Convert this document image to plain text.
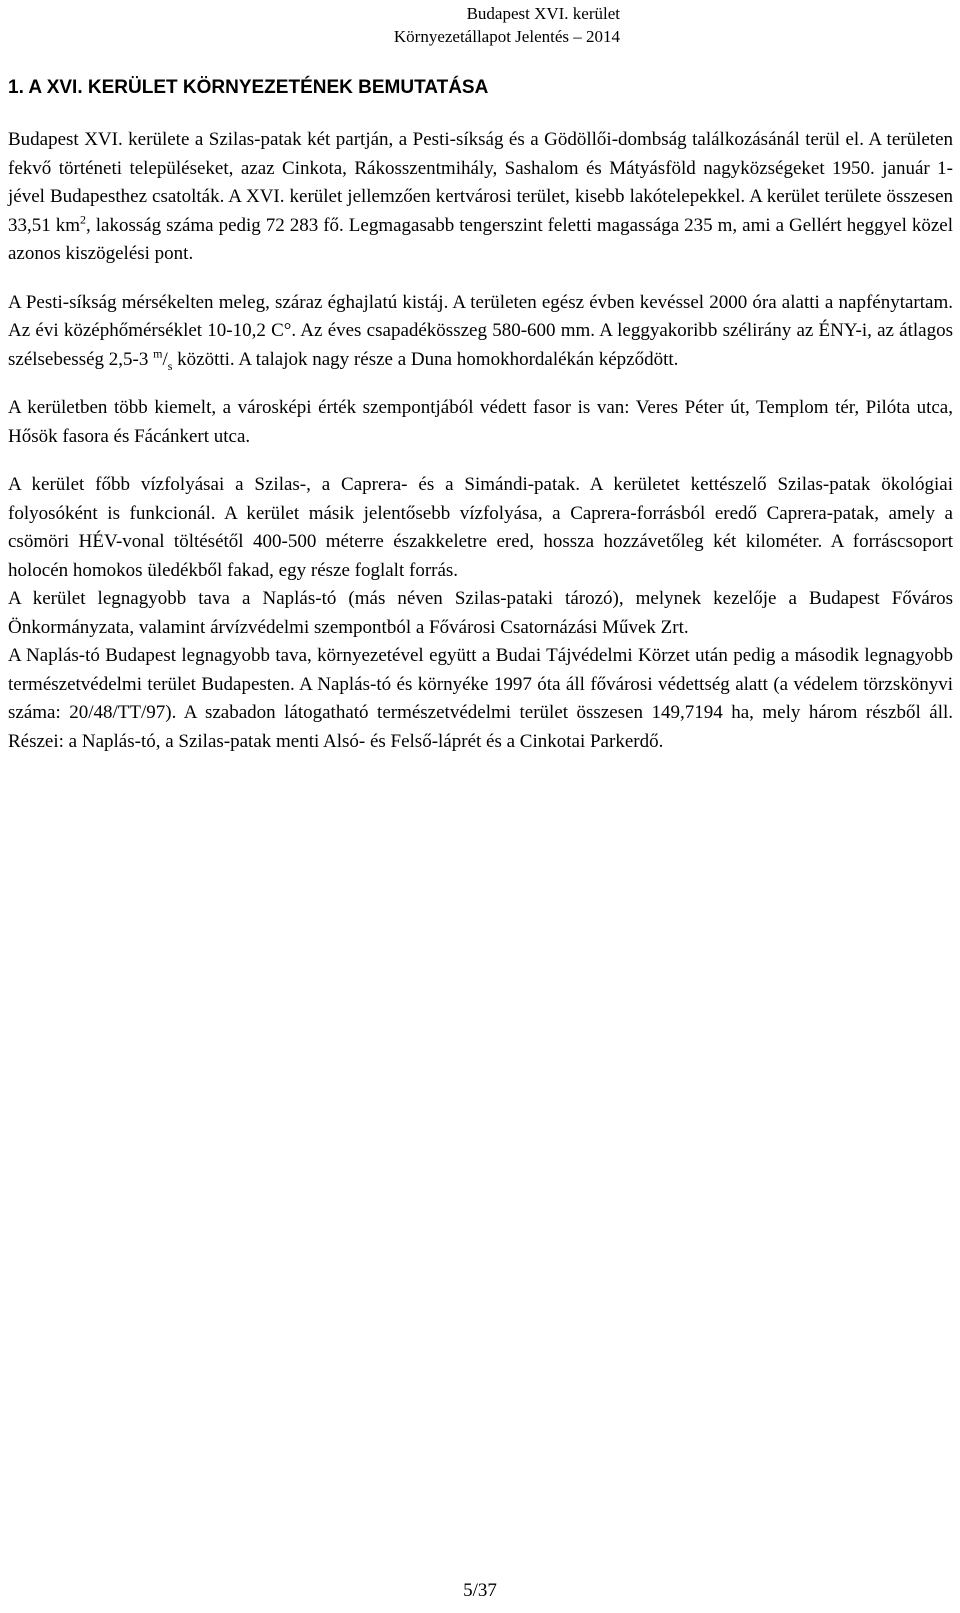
Budapest XVI. kerület
Környezetállapot Jelentés – 2014
1. A XVI. KERÜLET KÖRNYEZETÉNEK BEMUTATÁSA

Budapest XVI. kerülete a Szilas-patak két partján, a Pesti-síkság és a Gödöllői-dombság találkozásánál terül el. A területen fekvő történeti településeket, azaz Cinkota, Rákosszentmihály, Sashalom és Mátyásföld nagyközségeket 1950. január 1-jével Budapesthez csatolták. A XVI. kerület jellemzően kertvárosi terület, kisebb lakótelepekkel. A kerület területe összesen 33,51 $km^2$, lakosság száma pedig 72 283 fő. Legmagasabb tengerszint feletti magassága 235 m, ami a Gellért heggyel közel azonos kiszögelési pont.

A Pesti-síkság mérsékelten meleg, száraz éghajlatú kistáj. A területen egész évben kevéssel 2000 óra alatti a napfénytartam. Az évi középhőmérséklet 10-10,2 C°. Az éves csapadékösszeg 580-600 mm. A leggyakoribb szélirány az ÉNY-i, az átlagos szélsebesség 2,5-3 $^m/_s$ közötti. A talajok nagy része a Duna homokhordalékán képződött.

A kerületben több kiemelt, a városképi érték szempontjából védett fasor is van: Veres Péter út, Templom tér, Pilóta utca, Hősök fasora és Fácánkert utca.

A kerület főbb vízfolyásai a Szilas-, a Caprera- és a Simándi-patak. A kerületet kettészelő Szilas-patak ökológiai folyosóként is funkcionál. A kerület másik jelentősebb vízfolyása, a Caprera-forrásból eredő Caprera-patak, amely a csömöri HÉV-vonal töltésétől 400-500 méterre északkeletre ered, hossza hozzávetőleg két kilométer. A forráscsoport holocén homokos üledékből fakad, egy része foglalt forrás.

A kerület legnagyobb tava a Naplás-tó (más néven Szilas-pataki tározó), melynek kezelője a Budapest Főváros Önkormányzata, valamint árvízvédelmi szempontból a Fővárosi Csatornázási Művek Zrt.

A Naplás-tó Budapest legnagyobb tava, környezetével együtt a Budai Tájvédelmi Körzet után pedig a második legnagyobb természetvédelmi terület Budapesten. A Naplás-tó és környéke 1997 óta áll fővárosi védettség alatt (a védelem törzskönyvi száma: 20/48/TT/97). A szabadon látogatható természetvédelmi terület összesen 149,7194 ha, mely három részből áll. Részei: a Naplás-tó, a Szilas-patak menti Alsó- és Felső-láprét és a Cinkotai Parkerdő.

5/37
